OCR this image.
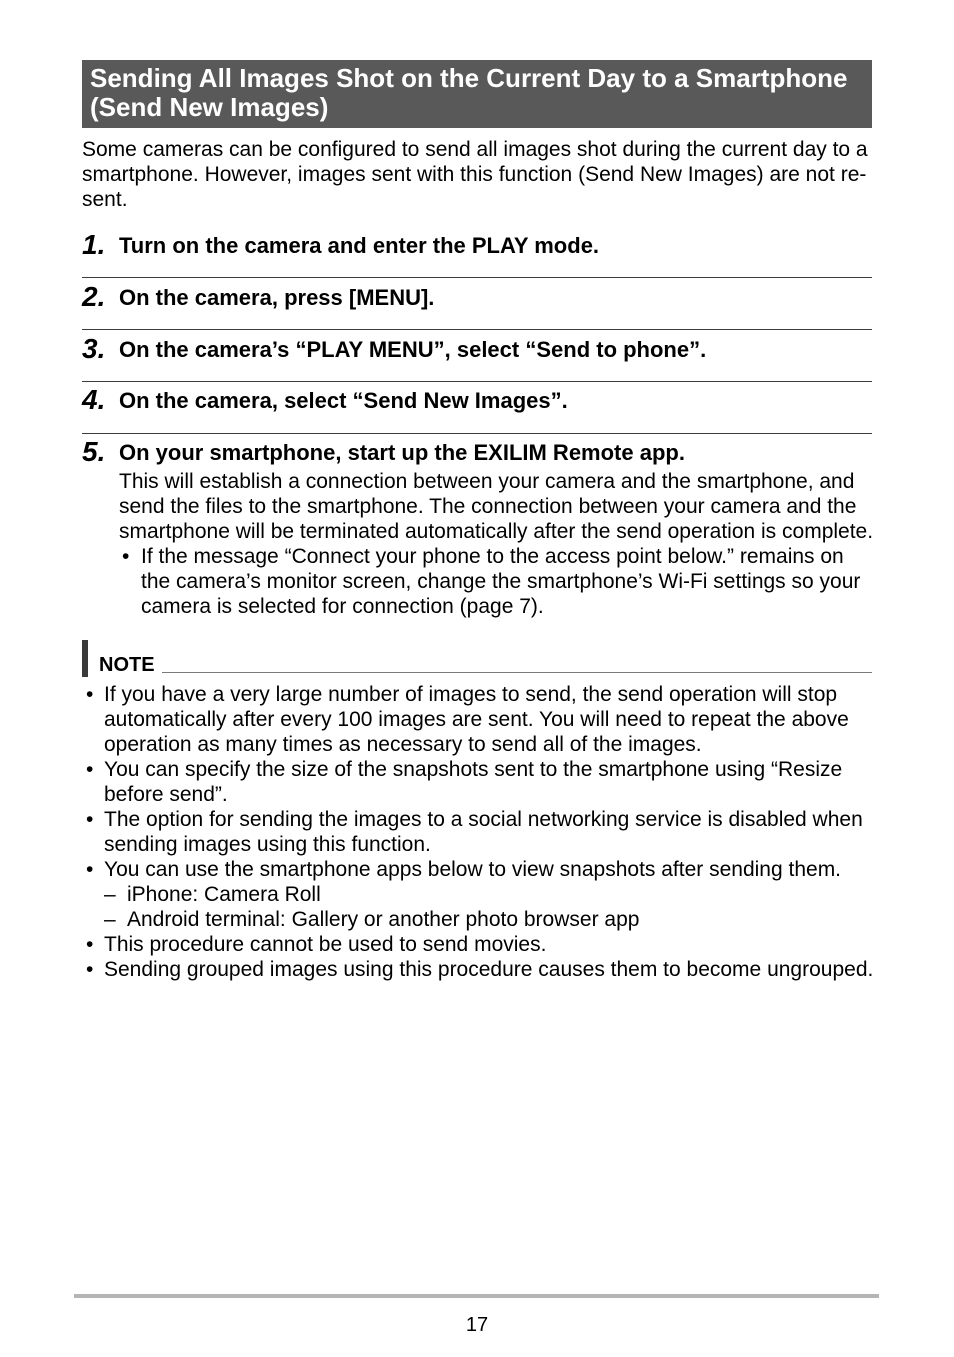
Sending All Images Shot on the Current Day to a Smartphone
(Send New Images)
Some cameras can be configured to send all images shot during the current day to a
smartphone. However, images sent with this function (Send New Images) are not re-
sent.
1. Turn on the camera and enter the PLAY mode.
2. On the camera, press [MENU].
3. On the camera’s “PLAY MENU”, select “Send to phone”.
4. On the camera, select “Send New Images”.
5. On your smartphone, start up the EXILIM Remote app.
This will establish a connection between your camera and the smartphone, and
send the files to the smartphone. The connection between your camera and the
smartphone will be terminated automatically after the send operation is complete.
• If the message “Connect your phone to the access point below.” remains on
the camera’s monitor screen, change the smartphone’s Wi-Fi settings so your
camera is selected for connection (page 7).
NOTE
• If you have a very large number of images to send, the send operation will stop
automatically after every 100 images are sent. You will need to repeat the above
operation as many times as necessary to send all of the images.
• You can specify the size of the snapshots sent to the smartphone using “Resize
before send”.
• The option for sending the images to a social networking service is disabled when
sending images using this function.
• You can use the smartphone apps below to view snapshots after sending them.
– iPhone: Camera Roll
– Android terminal: Gallery or another photo browser app
• This procedure cannot be used to send movies.
• Sending grouped images using this procedure causes them to become ungrouped.
17
